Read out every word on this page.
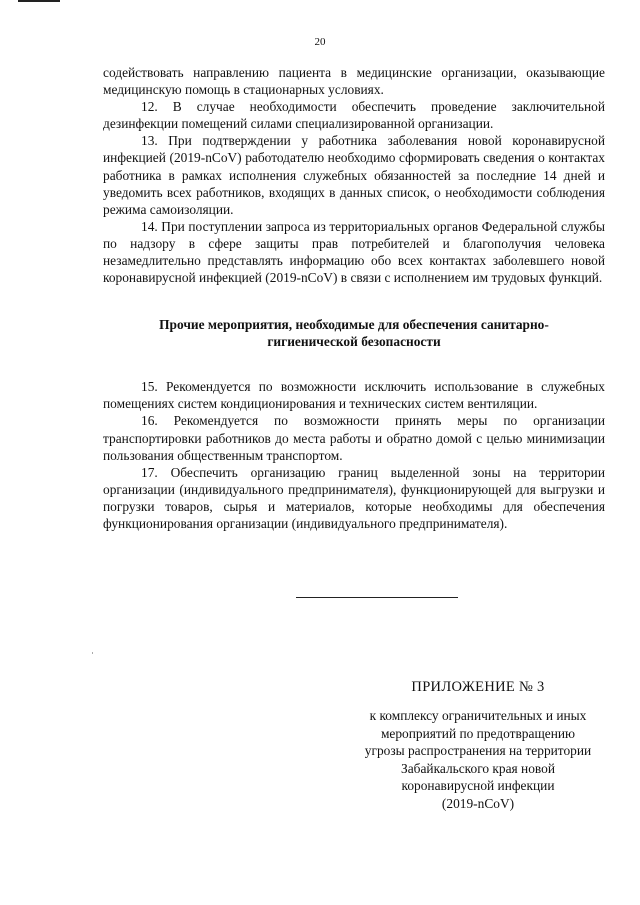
20

содействовать направлению пациента в медицинские организации, оказывающие медицинскую помощь в стационарных условиях.

12. В случае необходимости обеспечить проведение заключительной дезинфекции помещений силами специализированной организации.

13. При подтверждении у работника заболевания новой коронавирусной инфекцией (2019-nCoV) работодателю необходимо сформировать сведения о контактах работника в рамках исполнения служебных обязанностей за последние 14 дней и уведомить всех работников, входящих в данных список, о необходимости соблюдения режима самоизоляции.

14. При поступлении запроса из территориальных органов Федеральной службы по надзору в сфере защиты прав потребителей и благополучия человека незамедлительно представлять информацию обо всех контактах заболевшего новой коронавирусной инфекцией (2019-nCoV) в связи с исполнением им трудовых функций.

Прочие мероприятия, необходимые для обеспечения санитарно-
гигиенической безопасности

15. Рекомендуется по возможности исключить использование в служебных помещениях систем кондиционирования и технических систем вентиляции.

16. Рекомендуется по возможности принять меры по организации транспортировки работников до места работы и обратно домой с целью минимизации пользования общественным транспортом.

17. Обеспечить организацию границ выделенной зоны на территории организации (индивидуального предпринимателя), функционирующей для выгрузки и погрузки товаров, сырья и материалов, которые необходимы для обеспечения функционирования организации (индивидуального предпринимателя).

ПРИЛОЖЕНИЕ № 3
к комплексу ограничительных и иных
мероприятий по предотвращению
угрозы распространения на территории
Забайкальского края новой
коронавирусной инфекции
(2019-nCoV)
